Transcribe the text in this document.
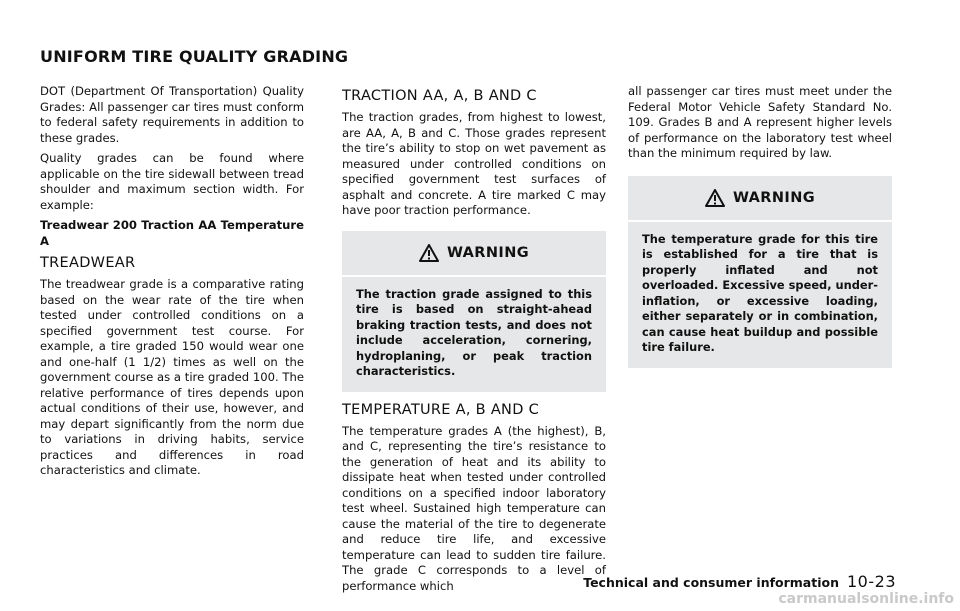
UNIFORM TIRE QUALITY GRADING

DOT (Department Of Transportation) Quality Grades: All passenger car tires must conform to federal safety requirements in addition to these grades.

Quality grades can be found where applicable on the tire sidewall between tread shoulder and maximum section width. For example:

Treadwear 200 Traction AA Temperature A

TREADWEAR

The treadwear grade is a comparative rating based on the wear rate of the tire when tested under controlled conditions on a specified government test course. For example, a tire graded 150 would wear one and one-half (1 1/2) times as well on the government course as a tire graded 100. The relative performance of tires depends upon actual conditions of their use, however, and may depart significantly from the norm due to variations in driving habits, service practices and differences in road characteristics and climate.

TRACTION AA, A, B AND C

The traction grades, from highest to lowest, are AA, A, B and C. Those grades represent the tire’s ability to stop on wet pavement as measured under controlled conditions on specified government test surfaces of asphalt and concrete. A tire marked C may have poor traction performance.

WARNING
The traction grade assigned to this tire is based on straight-ahead braking traction tests, and does not include acceleration, cornering, hydroplaning, or peak traction characteristics.
TEMPERATURE A, B AND C

The temperature grades A (the highest), B, and C, representing the tire’s resistance to the generation of heat and its ability to dissipate heat when tested under controlled conditions on a specified indoor laboratory test wheel. Sustained high temperature can cause the material of the tire to degenerate and reduce tire life, and excessive temperature can lead to sudden tire failure. The grade C corresponds to a level of performance which

all passenger car tires must meet under the Federal Motor Vehicle Safety Standard No. 109. Grades B and A represent higher levels of performance on the laboratory test wheel than the minimum required by law.

WARNING
The temperature grade for this tire is established for a tire that is properly inflated and not overloaded. Excessive speed, under-inflation, or excessive loading, either separately or in combination, can cause heat buildup and possible tire failure.
Technical and consumer information 10-23
carmanualsonline.info
